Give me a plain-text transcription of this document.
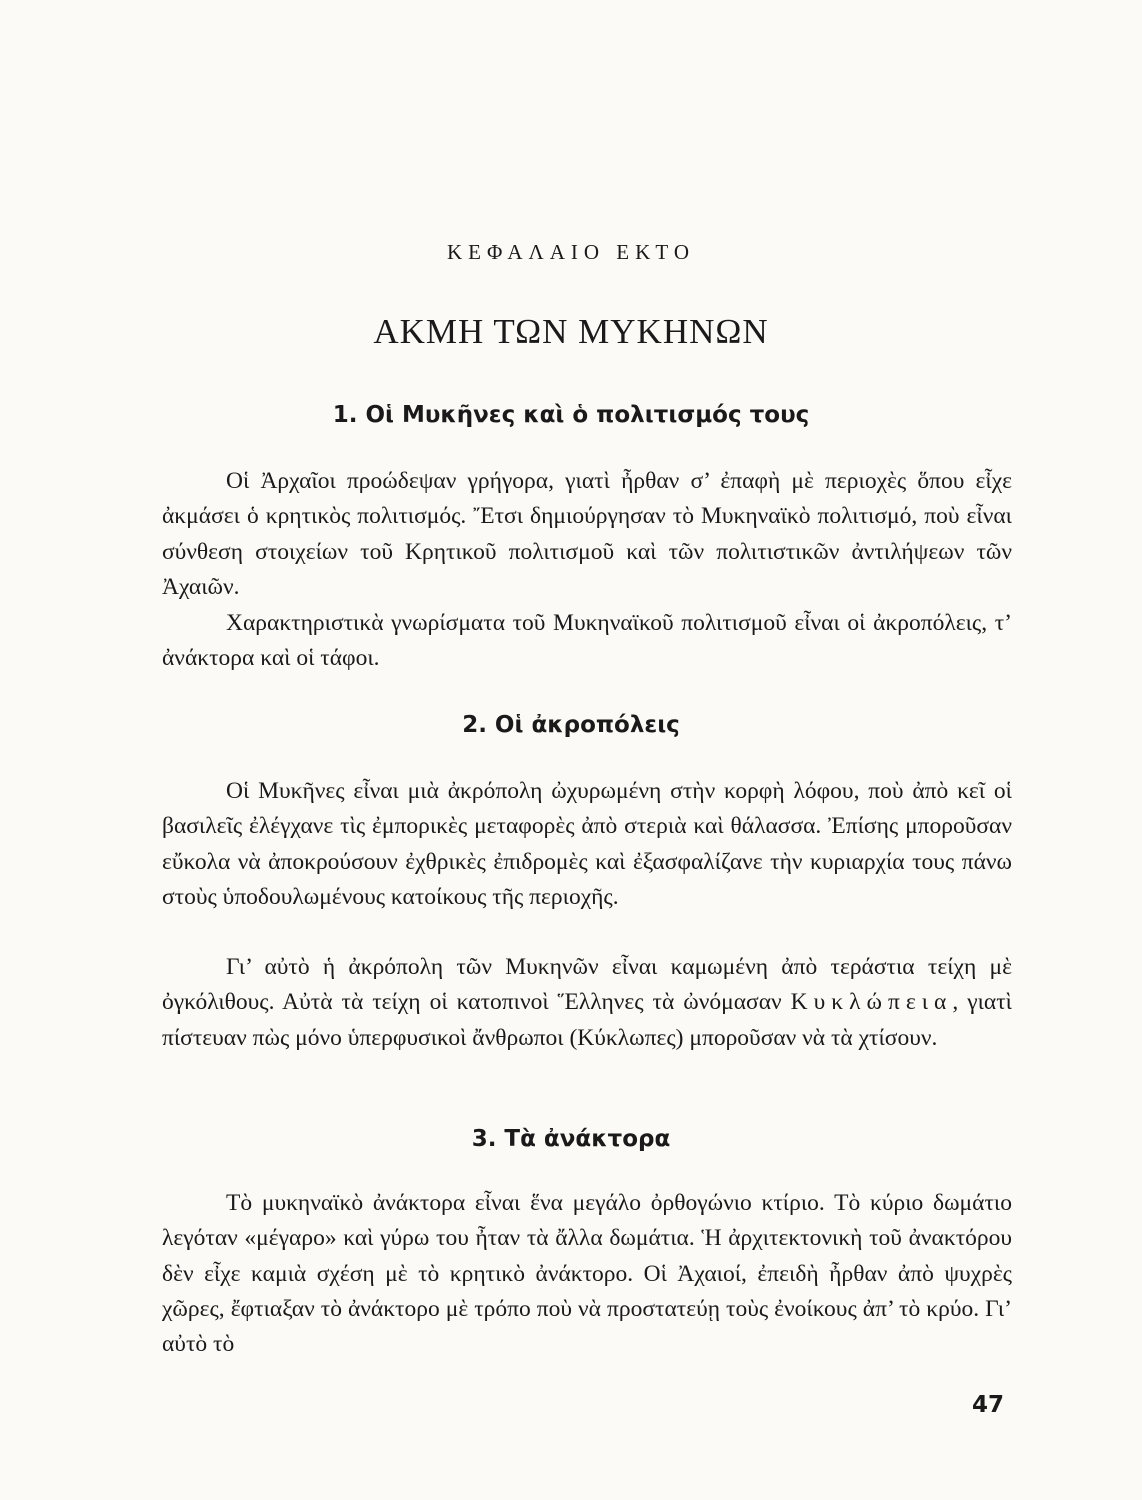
ΚΕΦΑΛΑΙΟ ΕΚΤΟ
ΑΚΜΗ ΤΩΝ ΜΥΚΗΝΩΝ
1. Οἱ Μυκῆνες καὶ ὁ πολιτισμός τους

Οἱ Ἀρχαῖοι προώδεψαν γρήγορα, γιατὶ ἦρθαν σ’ ἐπαφὴ μὲ περιοχὲς ὅπου εἶχε ἀκμάσει ὁ κρητικὸς πολιτισμός. Ἔτσι δημιούργησαν τὸ Μυκηναϊκὸ πολιτισμό, ποὺ εἶναι σύνθεση στοιχείων τοῦ Κρητικοῦ πολιτισμοῦ καὶ τῶν πολιτιστικῶν ἀντιλήψεων τῶν Ἀχαιῶν.

Χαρακτηριστικὰ γνωρίσματα τοῦ Μυκηναϊκοῦ πολιτισμοῦ εἶναι οἱ ἀκροπόλεις, τ’ ἀνάκτορα καὶ οἱ τάφοι.

2. Οἱ ἀκροπόλεις

Οἱ Μυκῆνες εἶναι μιὰ ἀκρόπολη ὠχυρωμένη στὴν κορφὴ λόφου, ποὺ ἀπὸ κεῖ οἱ βασιλεῖς ἐλέγχανε τὶς ἐμπορικὲς μεταφορὲς ἀπὸ στεριὰ καὶ θάλασσα. Ἐπίσης μποροῦσαν εὔκολα νὰ ἀποκρούσουν ἐχθρικὲς ἐπιδρομὲς καὶ ἐξασφαλίζανε τὴν κυριαρχία τους πάνω στοὺς ὑποδουλωμένους κατοίκους τῆς περιοχῆς.

Γι’ αὐτὸ ἡ ἀκρόπολη τῶν Μυκηνῶν εἶναι καμωμένη ἀπὸ τεράστια τείχη μὲ ὀγκόλιθους. Αὐτὰ τὰ τείχη οἱ κατοπινοὶ Ἕλληνες τὰ ὠνόμασαν Κυκλώπεια, γιατὶ πίστευαν πὼς μόνο ὑπερφυσικοὶ ἄνθρωποι (Κύκλωπες) μποροῦσαν νὰ τὰ χτίσουν.

3. Τὰ ἀνάκτορα

Τὸ μυκηναϊκὸ ἀνάκτορα εἶναι ἕνα μεγάλο ὀρθογώνιο κτίριο. Τὸ κύριο δωμάτιο λεγόταν «μέγαρο» καὶ γύρω του ἦταν τὰ ἄλλα δωμάτια. Ἡ ἀρχιτεκτονικὴ τοῦ ἀνακτόρου δὲν εἶχε καμιὰ σχέση μὲ τὸ κρητικὸ ἀνάκτορο. Οἱ Ἀχαιοί, ἐπειδὴ ἦρθαν ἀπὸ ψυχρὲς χῶρες, ἔφτιαξαν τὸ ἀνάκτορο μὲ τρόπο ποὺ νὰ προστατεύῃ τοὺς ἐνοίκους ἀπ’ τὸ κρύο. Γι’ αὐτὸ τὸ

47
